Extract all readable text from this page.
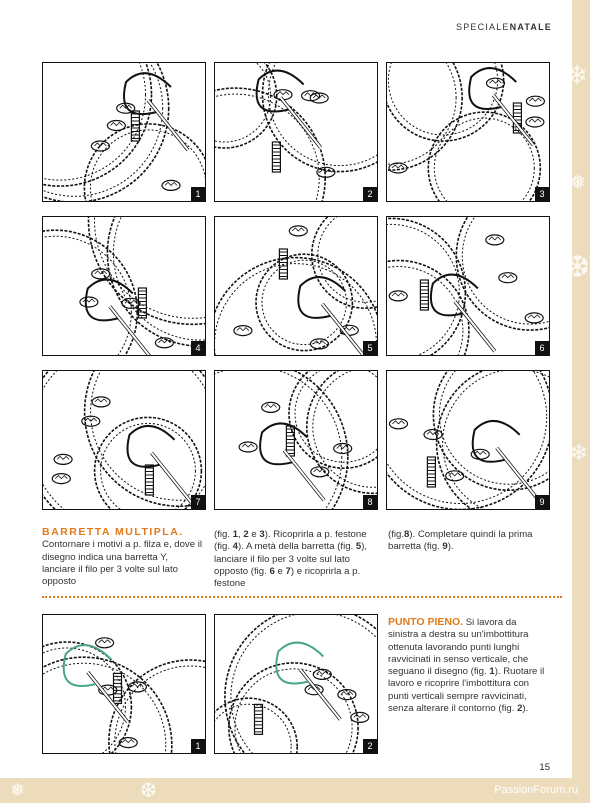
SPECIALENATALE
1	2	3
4	5	6
7	8	9
1	2
BARRETTA MULTIPLA.
Contornare i motivi a p. filza e, dove il disegno indica una barretta Y, lanciare il filo per 3 volte sul lato opposto
(fig. 1, 2 e 3). Ricoprirla a p. festone (fig. 4). A metà della barretta (fig. 5), lanciare il filo per 3 volte sul lato opposto (fig. 6 e 7) e ricoprirla a p. festone
(fig.8). Completare quindi la prima barretta (fig. 9).
PUNTO PIENO. Si lavora da sinistra a destra su un'imbottitura ottenuta lavorando punti lunghi ravvicinati in senso verticale, che seguano il disegno (fig. 1). Ruotare il lavoro e ricoprire l'imbottitura con punti verticali sempre ravvicinati, senza alterare il contorno (fig. 2).
15
❄
❅
❆
❄
❅	❆	PassionForum.ru
